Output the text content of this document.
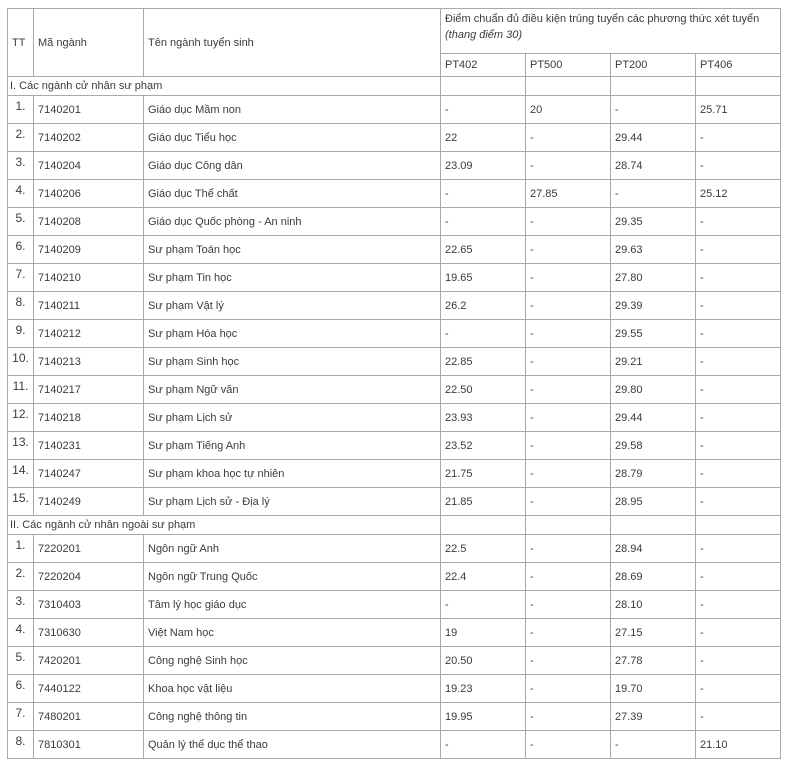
TT	Mã ngành	Tên ngành tuyển sinh	Điểm chuẩn đủ điều kiện trúng tuyển các phương thức xét tuyển
(thang điểm 30)			

			PT402	PT500	PT200	PT406
I. Các ngành cử nhân sư phạm						
1.	7140201	Giáo dục Mầm non	-	20	-	25.71
2.	7140202	Giáo dục Tiểu học	22	-	29.44	-
3.	7140204	Giáo dục Công dân	23.09	-	28.74	-
4.	7140206	Giáo dục Thể chất	-	27.85	-	25.12
5.	7140208	Giáo dục Quốc phòng - An ninh	-	-	29.35	-
6.	7140209	Sư phạm Toán học	22.65	-	29.63	-
7.	7140210	Sư phạm Tin học	19.65	-	27.80	-
8.	7140211	Sư phạm Vật lý	26.2	-	29.39	-
9.	7140212	Sư phạm Hóa học	-	-	29.55	-
10.	7140213	Sư phạm Sinh học	22.85	-	29.21	-
11.	7140217	Sư phạm Ngữ văn	22.50	-	29.80	-
12.	7140218	Sư phạm Lịch sử	23.93	-	29.44	-
13.	7140231	Sư phạm Tiếng Anh	23.52	-	29.58	-
14.	7140247	Sư phạm khoa học tự nhiên	21.75	-	28.79	-
15.	7140249	Sư phạm Lịch sử - Địa lý	21.85	-	28.95	-
II. Các ngành cử nhân ngoài sư phạm						
1.	7220201	Ngôn ngữ Anh	22.5	-	28.94	-
2.	7220204	Ngôn ngữ Trung Quốc	22.4	-	28.69	-
3.	7310403	Tâm lý học giáo dục	-	-	28.10	-
4.	7310630	Việt Nam học	19	-	27.15	-
5.	7420201	Công nghệ Sinh học	20.50	-	27.78	-
6.	7440122	Khoa học vật liệu	19.23	-	19.70	-
7.	7480201	Công nghệ thông tin	19.95	-	27.39	-
8.	7810301	Quản lý thể dục thể thao	-	-	-	21.10
